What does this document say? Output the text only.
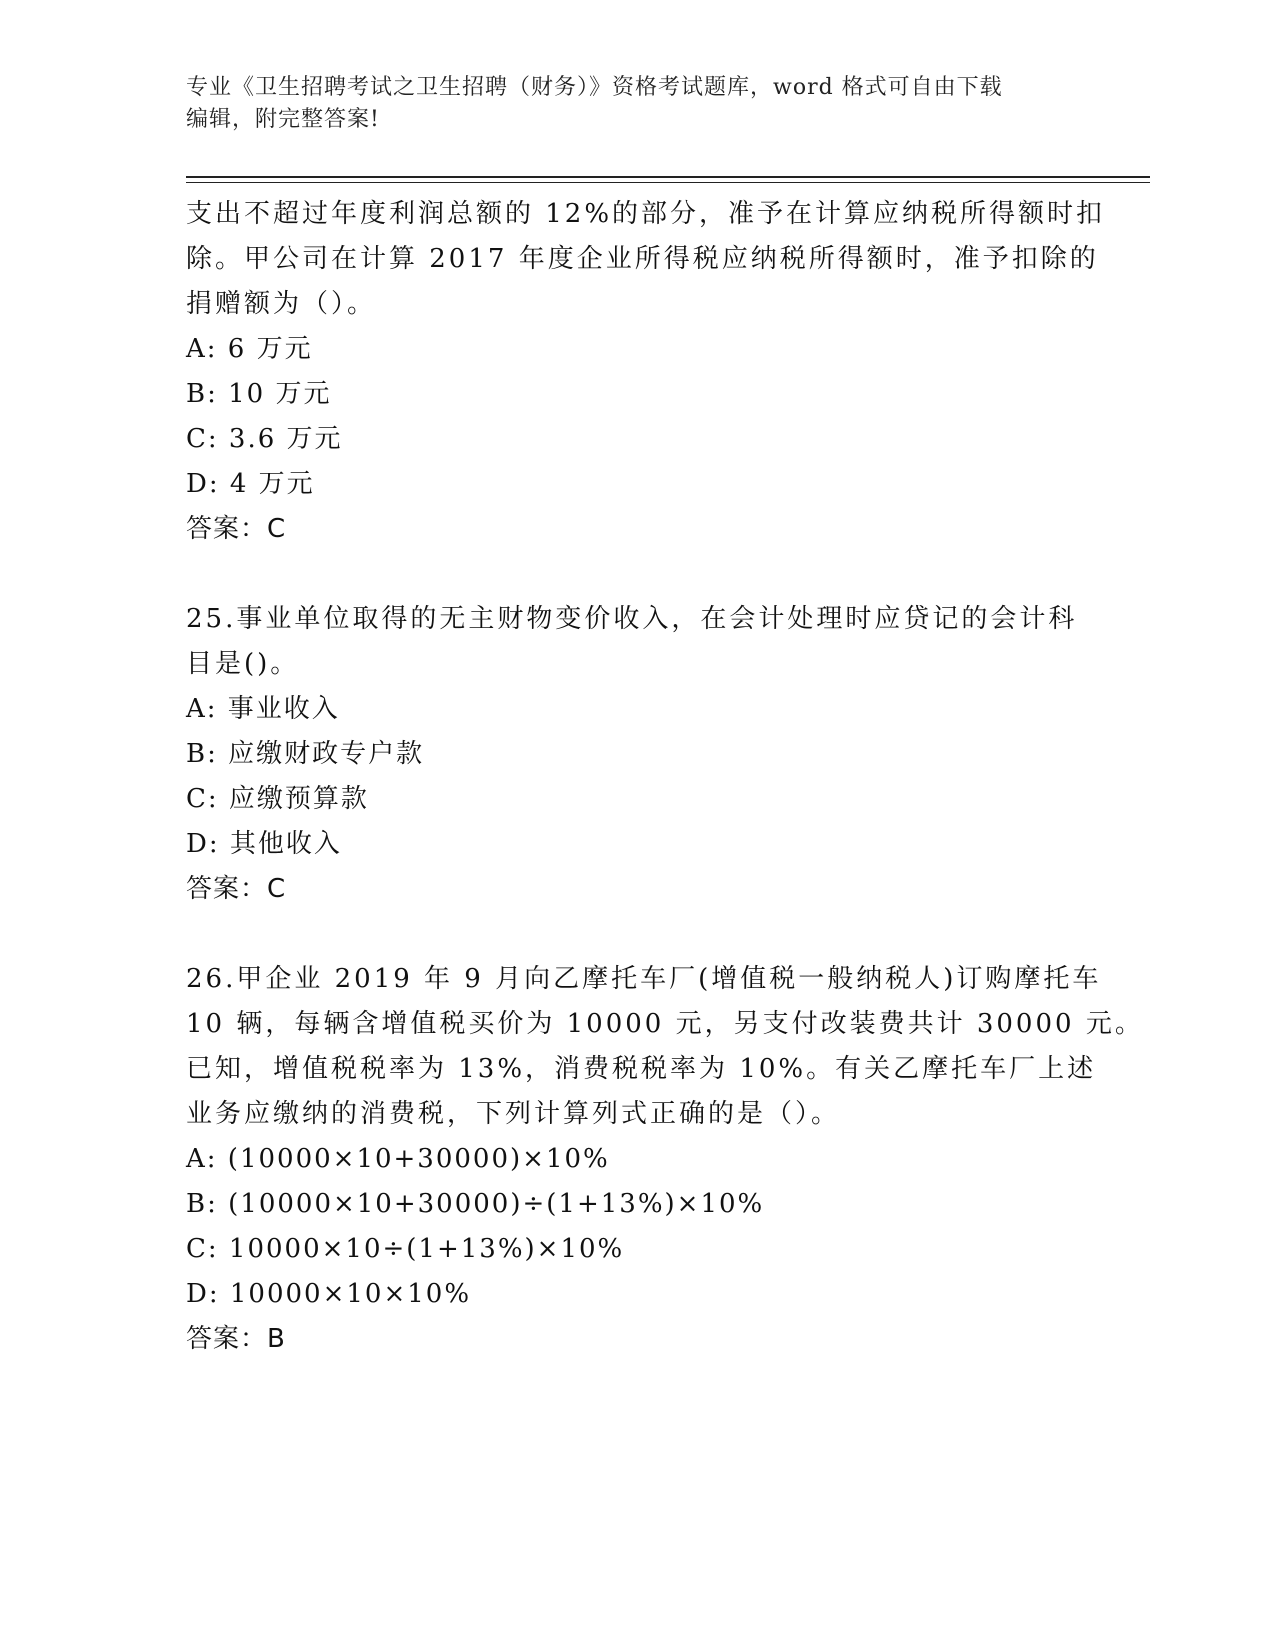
专业《卫生招聘考试之卫生招聘（财务）》资格考试题库，word 格式可自由下载
编辑，附完整答案!

支出不超过年度利润总额的 12%的部分，准予在计算应纳税所得额时扣

除。甲公司在计算 2017 年度企业所得税应纳税所得额时，准予扣除的

捐赠额为（）。

A: 6 万元

B: 10 万元

C: 3.6 万元

D: 4 万元

答案：C

25.事业单位取得的无主财物变价收入，在会计处理时应贷记的会计科

目是()。

A: 事业收入

B: 应缴财政专户款

C: 应缴预算款

D: 其他收入

答案：C

26.甲企业 2019 年 9 月向乙摩托车厂(增值税一般纳税人)订购摩托车

10 辆，每辆含增值税买价为 10000 元，另支付改装费共计 30000 元。

已知，增值税税率为 13%，消费税税率为 10%。有关乙摩托车厂上述

业务应缴纳的消费税，下列计算列式正确的是（）。

A: (10000×10+30000)×10%

B: (10000×10+30000)÷(1+13%)×10%

C: 10000×10÷(1+13%)×10%

D: 10000×10×10%

答案：B
